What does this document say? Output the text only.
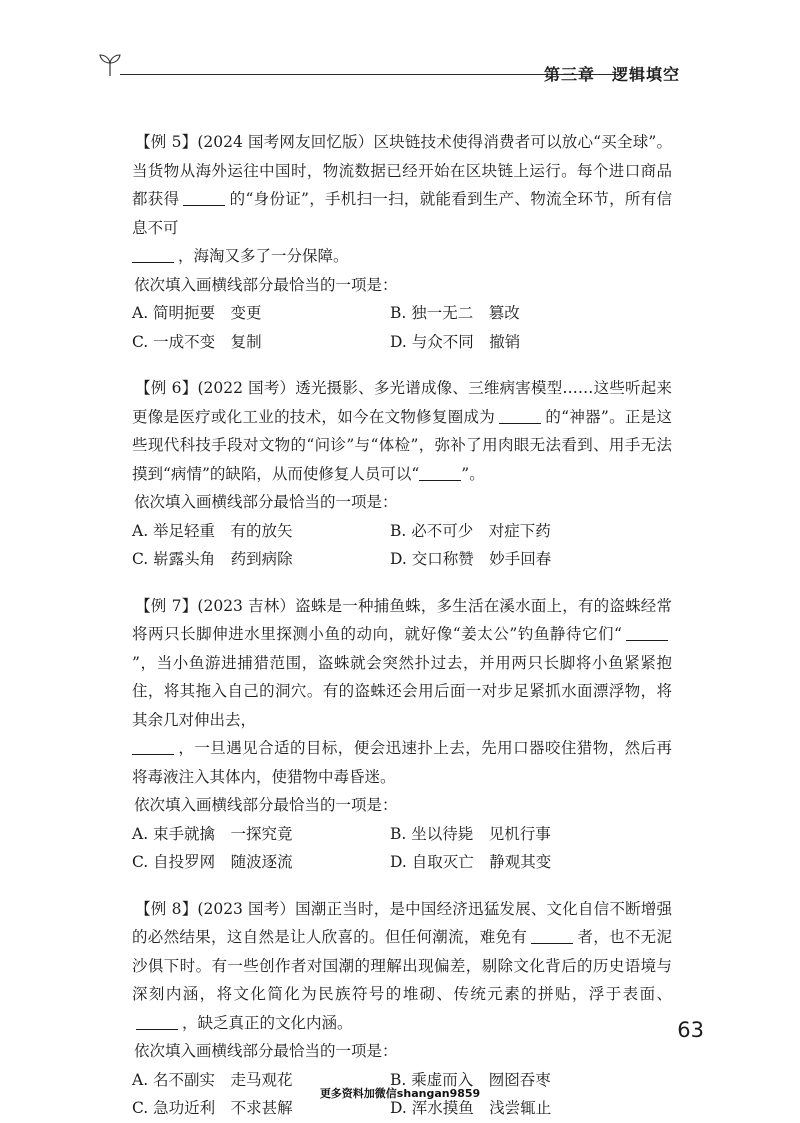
第三章　逻辑填空

【例 5】(2024 国考网友回忆版）区块链技术使得消费者可以放心“买全球”。当货物从海外运往中国时，物流数据已经开始在区块链上运行。每个进口商品都获得	的“身份证”，手机扫一扫，就能看到生产、物流全环节，所有信息不可
，海淘又多了一分保障。

依次填入画横线部分最恰当的一项是：
A. 简明扼要　变更	B. 独一无二　篡改
C. 一成不变　复制	D. 与众不同　撤销

【例 6】(2022 国考）透光摄影、多光谱成像、三维病害模型……这些听起来更像是医疗或化工业的技术，如今在文物修复圈成为	的“神器”。正是这些现代科技手段对文物的“问诊”与“体检”，弥补了用肉眼无法看到、用手无法摸到“病情”的缺陷，从而使修复人员可以“	”。

依次填入画横线部分最恰当的一项是：
A. 举足轻重　有的放矢	B. 必不可少　对症下药
C. 崭露头角　药到病除	D. 交口称赞　妙手回春

【例 7】(2023 吉林）盗蛛是一种捕鱼蛛，多生活在溪水面上，有的盗蛛经常将两只长脚伸进水里探测小鱼的动向，就好像“姜太公”钓鱼静待它们“”，当小鱼游进捕猎范围，盗蛛就会突然扑过去，并用两只长脚将小鱼紧紧抱住，将其拖入自己的洞穴。有的盗蛛还会用后面一对步足紧抓水面漂浮物，将其余几对伸出去，
，一旦遇见合适的目标，便会迅速扑上去，先用口器咬住猎物，然后再将毒液注入其体内，使猎物中毒昏迷。

依次填入画横线部分最恰当的一项是：
A. 束手就擒　一探究竟	B. 坐以待毙　见机行事
C. 自投罗网　随波逐流	D. 自取灭亡　静观其变

【例 8】(2023 国考）国潮正当时，是中国经济迅猛发展、文化自信不断增强的必然结果，这自然是让人欣喜的。但任何潮流，难免有	者，也不无泥沙俱下时。有一些创作者对国潮的理解出现偏差，剔除文化背后的历史语境与深刻内涵，将文化简化为民族符号的堆砌、传统元素的拼贴，浮于表面、，缺乏真正的文化内涵。

依次填入画横线部分最恰当的一项是：
A. 名不副实　走马观花	B. 乘虚而入　囫囵吞枣
C. 急功近利　不求甚解	D. 浑水摸鱼　浅尝辄止
63
更多资料加微信shangan9859
